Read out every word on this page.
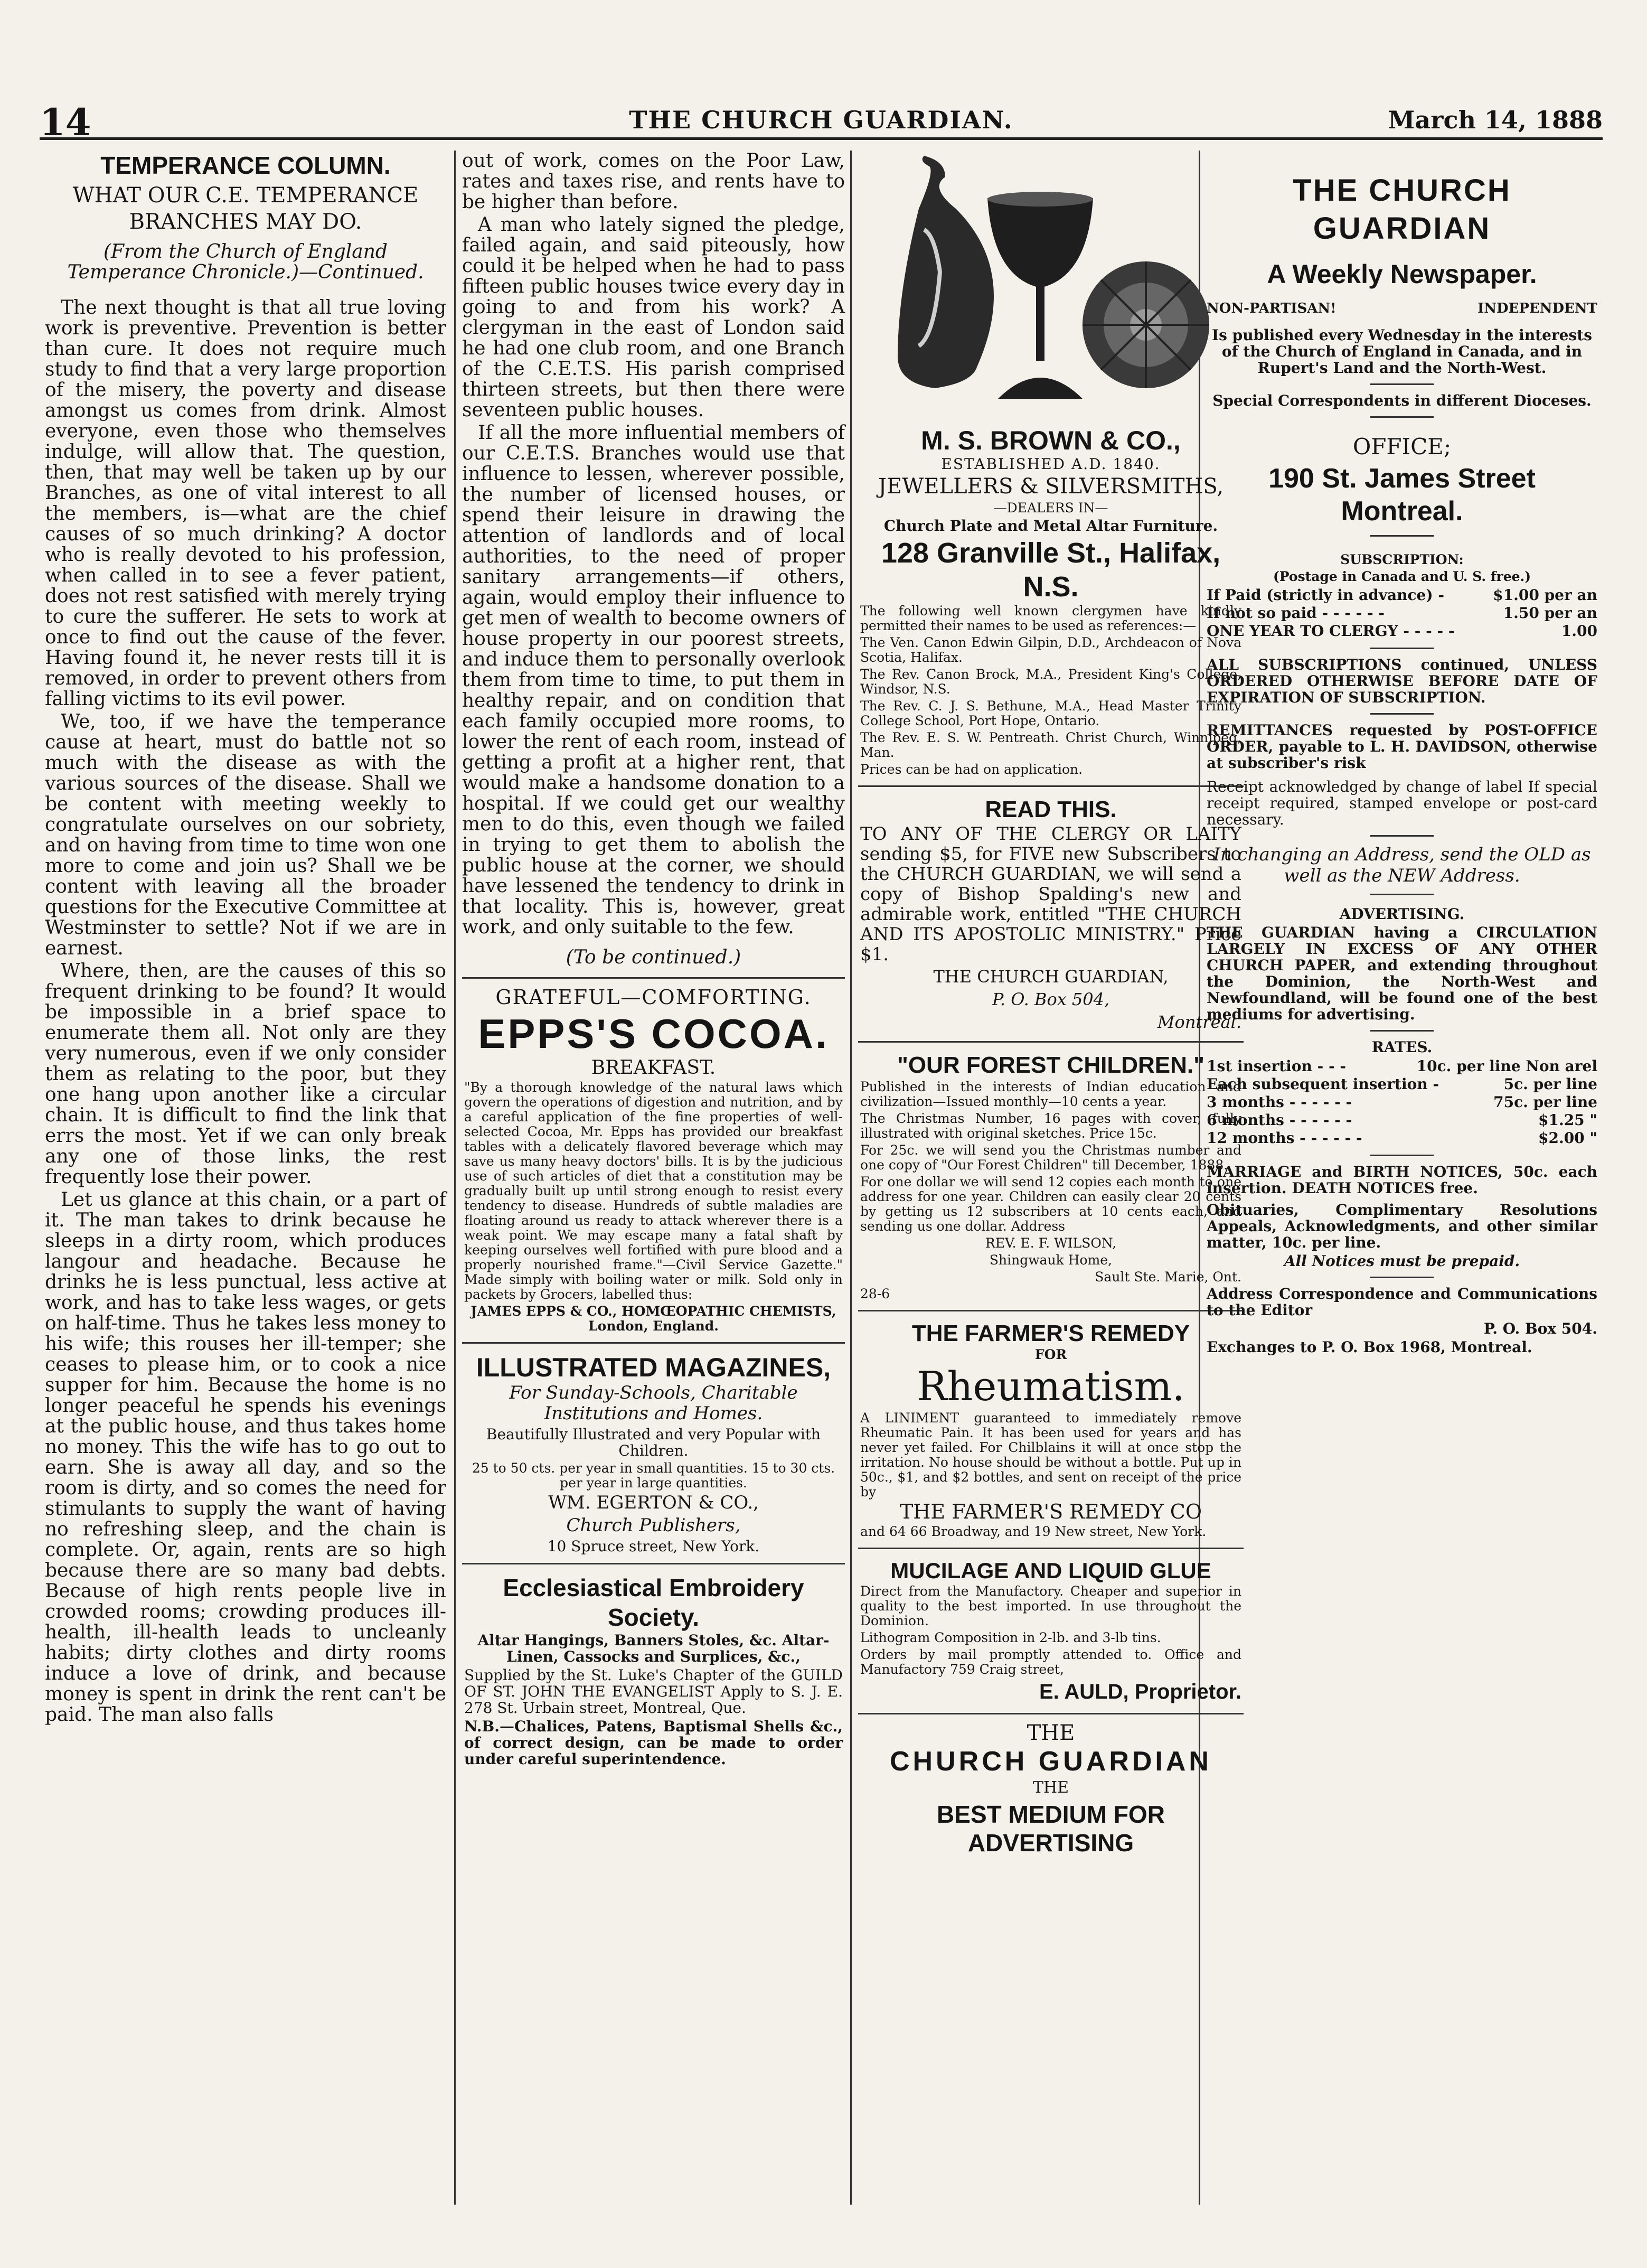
14	THE CHURCH GUARDIAN.	March 14, 1888
TEMPERANCE COLUMN.

WHAT OUR C.E. TEMPERANCE

BRANCHES MAY DO.

(From the Church of England Temperance Chronicle.)—Continued.

The next thought is that all true loving work is preventive. Prevention is better than cure. It does not require much study to find that a very large proportion of the misery, the poverty and disease amongst us comes from drink. Almost everyone, even those who themselves indulge, will allow that. The question, then, that may well be taken up by our Branches, as one of vital interest to all the members, is—what are the chief causes of so much drinking? A doctor who is really devoted to his profession, when called in to see a fever patient, does not rest satisfied with merely trying to cure the sufferer. He sets to work at once to find out the cause of the fever. Having found it, he never rests till it is removed, in order to prevent others from falling victims to its evil power.

We, too, if we have the temperance cause at heart, must do battle not so much with the disease as with the various sources of the disease. Shall we be content with meeting weekly to congratulate ourselves on our sobriety, and on having from time to time won one more to come and join us? Shall we be content with leaving all the broader questions for the Executive Committee at Westminster to settle? Not if we are in earnest.

Where, then, are the causes of this so frequent drinking to be found? It would be impossible in a brief space to enumerate them all. Not only are they very numerous, even if we only consider them as relating to the poor, but they one hang upon another like a circular chain. It is difficult to find the link that errs the most. Yet if we can only break any one of those links, the rest frequently lose their power.

Let us glance at this chain, or a part of it. The man takes to drink because he sleeps in a dirty room, which produces langour and headache. Because he drinks he is less punctual, less active at work, and has to take less wages, or gets on half-time. Thus he takes less money to his wife; this rouses her ill-temper; she ceases to please him, or to cook a nice supper for him. Because the home is no longer peaceful he spends his evenings at the public house, and thus takes home no money. This the wife has to go out to earn. She is away all day, and so the room is dirty, and so comes the need for stimulants to supply the want of having no refreshing sleep, and the chain is complete. Or, again, rents are so high because there are so many bad debts. Because of high rents people live in crowded rooms; crowding produces ill-health, ill-health leads to uncleanly habits; dirty clothes and dirty rooms induce a love of drink, and because money is spent in drink the rent can't be paid. The man also falls

out of work, comes on the Poor Law, rates and taxes rise, and rents have to be higher than before.

A man who lately signed the pledge, failed again, and said piteously, how could it be helped when he had to pass fifteen public houses twice every day in going to and from his work? A clergyman in the east of London said he had one club room, and one Branch of the C.E.T.S. His parish comprised thirteen streets, but then there were seventeen public houses.

If all the more influential members of our C.E.T.S. Branches would use that influence to lessen, wherever possible, the number of licensed houses, or spend their leisure in drawing the attention of landlords and of local authorities, to the need of proper sanitary arrangements—if others, again, would employ their influence to get men of wealth to become owners of house property in our poorest streets, and induce them to personally overlook them from time to time, to put them in healthy repair, and on condition that each family occupied more rooms, to lower the rent of each room, instead of getting a profit at a higher rent, that would make a handsome donation to a hospital. If we could get our wealthy men to do this, even though we failed in trying to get them to abolish the public house at the corner, we should have lessened the tendency to drink in that locality. This is, however, great work, and only suitable to the few.

(To be continued.)

GRATEFUL—COMFORTING.

EPPS'S COCOA.

BREAKFAST.

"By a thorough knowledge of the natural laws which govern the operations of digestion and nutrition, and by a careful application of the fine properties of well-selected Cocoa, Mr. Epps has provided our breakfast tables with a delicately flavored beverage which may save us many heavy doctors' bills. It is by the judicious use of such articles of diet that a constitution may be gradually built up until strong enough to resist every tendency to disease. Hundreds of subtle maladies are floating around us ready to attack wherever there is a weak point. We may escape many a fatal shaft by keeping ourselves well fortified with pure blood and a properly nourished frame."—Civil Service Gazette." Made simply with boiling water or milk. Sold only in packets by Grocers, labelled thus:

JAMES EPPS & CO., HOMŒOPATHIC CHEMISTS, London, England.

ILLUSTRATED MAGAZINES,

For Sunday-Schools, Charitable Institutions and Homes.

Beautifully Illustrated and very Popular with Children.

25 to 50 cts. per year in small quantities. 15 to 30 cts. per year in large quantities.

WM. EGERTON & CO.,

Church Publishers,

10 Spruce street, New York.

Ecclesiastical Embroidery Society.

Altar Hangings, Banners Stoles, &c. Altar-Linen, Cassocks and Surplices, &c.,

Supplied by the St. Luke's Chapter of the GUILD OF ST. JOHN THE EVANGELIST Apply to S. J. E. 278 St. Urbain street, Montreal, Que.

N.B.—Chalices, Patens, Baptismal Shells &c., of correct design, can be made to order under careful superintendence.

M. S. BROWN & CO.,

ESTABLISHED A.D. 1840.

JEWELLERS & SILVERSMITHS,

—DEALERS IN—

Church Plate and Metal Altar Furniture.

128 Granville St., Halifax, N.S.

The following well known clergymen have kindly permitted their names to be used as references:—

The Ven. Canon Edwin Gilpin, D.D., Archdeacon of Nova Scotia, Halifax.

The Rev. Canon Brock, M.A., President King's College, Windsor, N.S.

The Rev. C. J. S. Bethune, M.A., Head Master Trinity College School, Port Hope, Ontario.

The Rev. E. S. W. Pentreath. Christ Church, Winnipeg, Man.

Prices can be had on application.

READ THIS.

TO ANY OF THE CLERGY OR LAITY sending $5, for FIVE new Subscribers to the CHURCH GUARDIAN, we will send a copy of Bishop Spalding's new and admirable work, entitled "THE CHURCH AND ITS APOSTOLIC MINISTRY." Price $1.

THE CHURCH GUARDIAN,

P. O. Box 504,

Montreal.

"OUR FOREST CHILDREN."

Published in the interests of Indian education and civilization—Issued monthly—10 cents a year.

The Christmas Number, 16 pages with cover, fully illustrated with original sketches. Price 15c.

For 25c. we will send you the Christmas number and one copy of "Our Forest Children" till December, 1888.

For one dollar we will send 12 copies each month to one address for one year. Children can easily clear 20 cents by getting us 12 subscribers at 10 cents each, and sending us one dollar. Address

REV. E. F. WILSON,

Shingwauk Home,

Sault Ste. Marie, Ont.

28-6

THE FARMER'S REMEDY

FOR

Rheumatism.

A LINIMENT guaranteed to immediately remove Rheumatic Pain. It has been used for years and has never yet failed. For Chilblains it will at once stop the irritation. No house should be without a bottle. Put up in 50c., $1, and $2 bottles, and sent on receipt of the price by

THE FARMER'S REMEDY CO

and 64 66 Broadway, and 19 New street, New York.

MUCILAGE AND LIQUID GLUE

Direct from the Manufactory. Cheaper and superior in quality to the best imported. In use throughout the Dominion.

Lithogram Composition in 2-lb. and 3-lb tins.

Orders by mail promptly attended to. Office and Manufactory 759 Craig street,

E. AULD, Proprietor.

THE

CHURCH GUARDIAN

THE

BEST MEDIUM FOR ADVERTISING
THE CHURCH GUARDIAN
A Weekly Newspaper.
NON-PARTISAN!	INDEPENDENT

Is published every Wednesday in the interests of the Church of England in Canada, and in Rupert's Land and the North-West.

Special Correspondents in different Dioceses.

OFFICE;

190 St. James Street Montreal.

SUBSCRIPTION:

(Postage in Canada and U. S. free.)

If Paid (strictly in advance) -	$1.00 per an
If not so paid - - - - - -	1.50 per an
ONE YEAR TO CLERGY - - - - -	1.00

ALL SUBSCRIPTIONS continued, UNLESS ORDERED OTHERWISE BEFORE DATE OF EXPIRATION OF SUBSCRIPTION.

REMITTANCES requested by POST-OFFICE ORDER, payable to L. H. DAVIDSON, otherwise at subscriber's risk

Receipt acknowledged by change of label If special receipt required, stamped envelope or post-card necessary.

In changing an Address, send the OLD as well as the NEW Address.

ADVERTISING.

THE GUARDIAN having a CIRCULATION LARGELY IN EXCESS OF ANY OTHER CHURCH PAPER, and extending throughout the Dominion, the North-West and Newfoundland, will be found one of the best mediums for advertising.

RATES.

1st insertion - - -	10c. per line Non arel
Each subsequent insertion -	5c. per line
3 months - - - - - -	75c. per line
6 months - - - - - -	$1.25 "
12 months - - - - - -	$2.00 "

MARRIAGE and BIRTH NOTICES, 50c. each insertion. DEATH NOTICES free.

Obituaries, Complimentary Resolutions Appeals, Acknowledgments, and other similar matter, 10c. per line.

All Notices must be prepaid.

Address Correspondence and Communications to the Editor

P. O. Box 504.

Exchanges to P. O. Box 1968, Montreal.
